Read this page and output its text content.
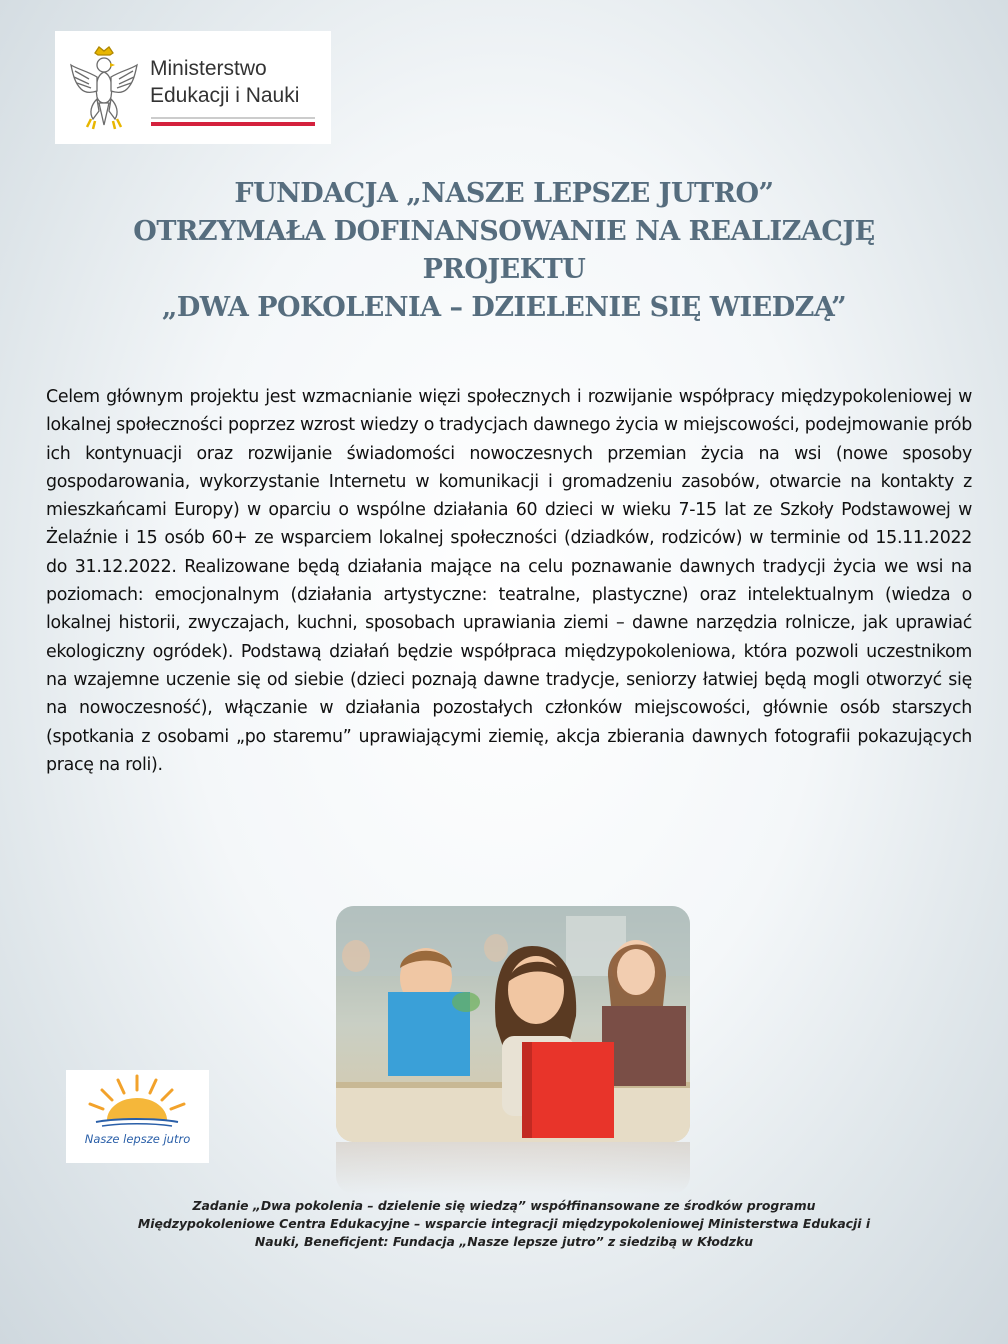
Ministerstwo
Edukacji i Nauki
FUNDACJA „NASZE LEPSZE JUTRO”
OTRZYMAŁA DOFINANSOWANIE NA REALIZACJĘ
PROJEKTU
„DWA POKOLENIA – DZIELENIE SIĘ WIEDZĄ”
Celem głównym projektu jest wzmacnianie więzi społecznych i rozwijanie współpracy międzypokoleniowej w lokalnej społeczności poprzez wzrost wiedzy o tradycjach dawnego życia w miejscowości, podejmowanie prób ich kontynuacji oraz rozwijanie świadomości nowoczesnych przemian życia na wsi (nowe sposoby gospodarowania, wykorzystanie Internetu w komunikacji i gromadzeniu zasobów, otwarcie na kontakty z mieszkańcami Europy) w oparciu o wspólne działania 60 dzieci w wieku 7-15 lat ze Szkoły Podstawowej w Żelaźnie i 15 osób 60+ ze wsparciem lokalnej społeczności (dziadków, rodziców) w terminie od 15.11.2022 do 31.12.2022. Realizowane będą działania mające na celu poznawanie dawnych tradycji życia we wsi na poziomach: emocjonalnym (działania artystyczne: teatralne, plastyczne) oraz intelektualnym (wiedza o lokalnej historii, zwyczajach, kuchni, sposobach uprawiania ziemi – dawne narzędzia rolnicze, jak uprawiać ekologiczny ogródek). Podstawą działań będzie współpraca międzypokoleniowa, która pozwoli uczestnikom na wzajemne uczenie się od siebie (dzieci poznają dawne tradycje, seniorzy łatwiej będą mogli otworzyć się na nowoczesność), włączanie w działania pozostałych członków miejscowości, głównie osób starszych (spotkania z osobami „po staremu” uprawiającymi ziemię, akcja zbierania dawnych fotografii pokazujących pracę na roli).
Nasze lepsze jutro
Zadanie „Dwa pokolenia – dzielenie się wiedzą” współfinansowane ze środków programu
Międzypokoleniowe Centra Edukacyjne – wsparcie integracji międzypokoleniowej Ministerstwa Edukacji i
Nauki, Beneficjent: Fundacja „Nasze lepsze jutro” z siedzibą w Kłodzku
